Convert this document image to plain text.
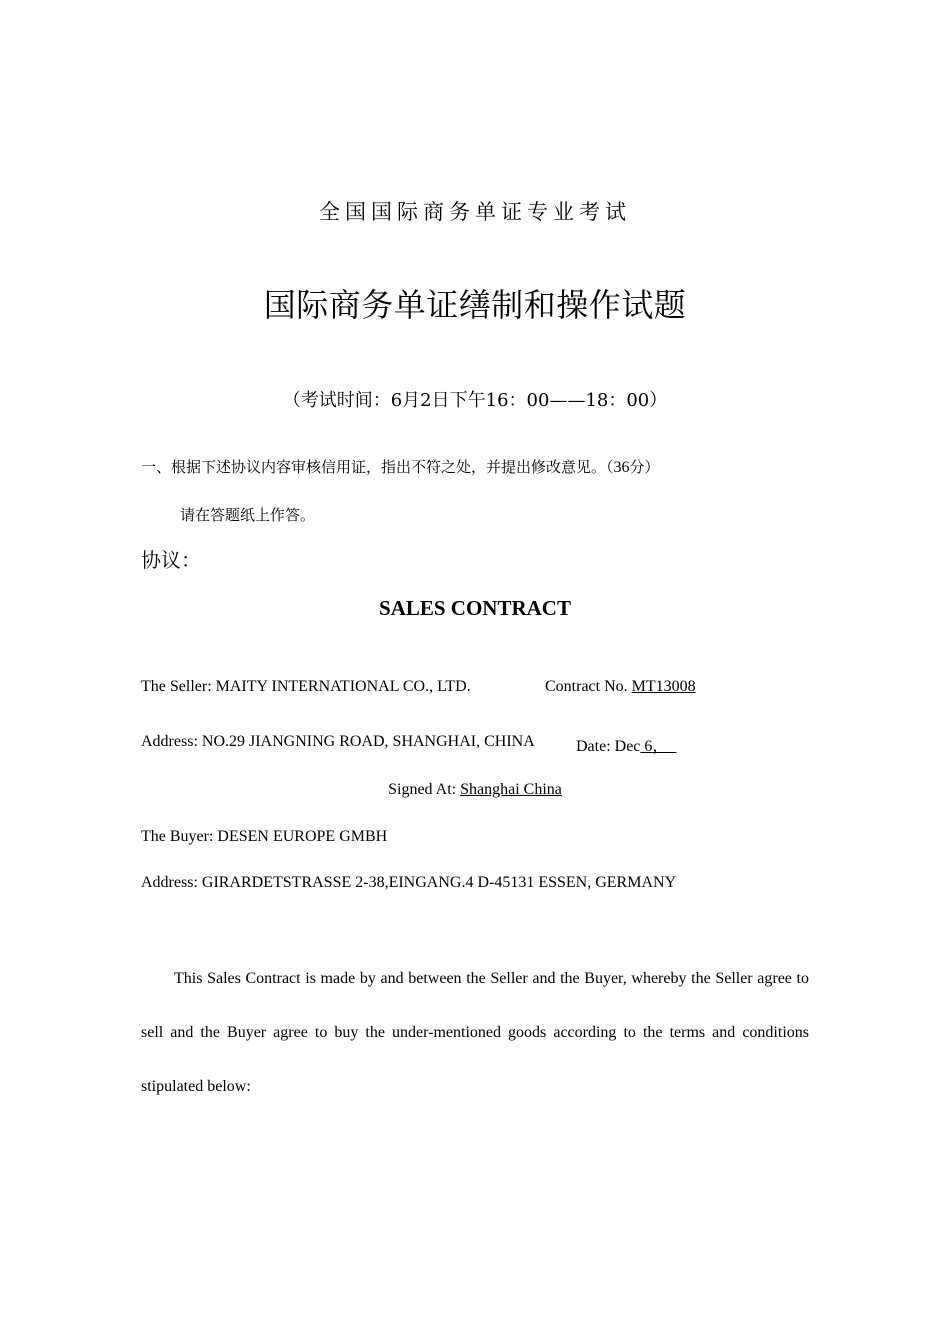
全国国际商务单证专业考试
国际商务单证缮制和操作试题
（考试时间：6月2日下午16：00——18：00）
一、根据下述协议内容审核信用证，指出不符之处，并提出修改意见。（36分）
请在答题纸上作答。
协议：
SALES CONTRACT
The Seller: MAITY INTERNATIONAL CO., LTD.	Contract No. MT13008
Address: NO.29 JIANGNING ROAD, SHANGHAI, CHINA	Date: Dec 6，
Signed At: Shanghai China
The Buyer: DESEN EUROPE GMBH
Address: GIRARDETSTRASSE 2-38,EINGANG.4 D-45131 ESSEN, GERMANY
This Sales Contract is made by and between the Seller and the Buyer, whereby the Seller agree to sell and the Buyer agree to buy the under-mentioned goods according to the terms and conditions stipulated below:
